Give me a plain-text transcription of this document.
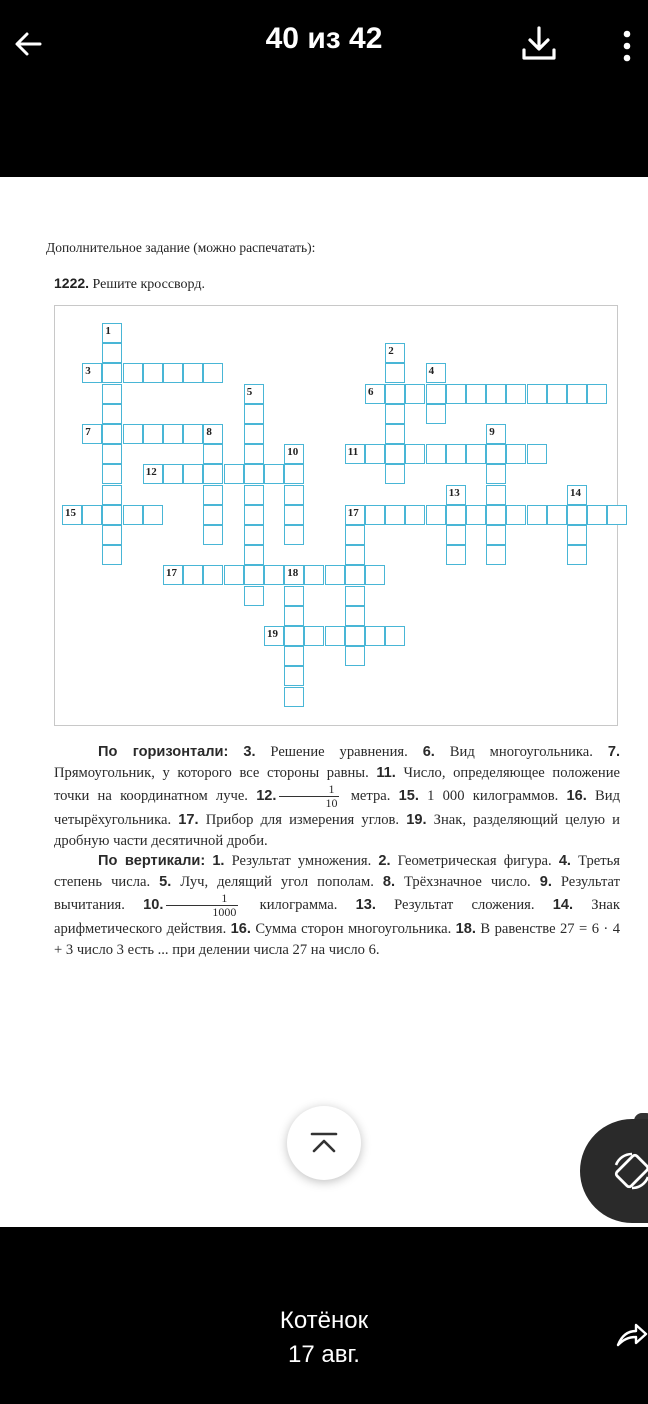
40 из 42
Дополнительное задание (можно распечатать):
1222. Решите кроссворд.

По горизонтали: 3. Решение уравнения. 6. Вид многоугольника. 7. Прямоугольник, у которого все стороны равны. 11. Число, определяющее положение точки на координатном луче. 12. $\frac{1}{10}$ метра. 15. 1 000 килограммов. 16. Вид четырёхугольника. 17. Прибор для измерения углов. 19. Знак, разделяющий целую и дробную части десятичной дроби.

По вертикали: 1. Результат умножения. 2. Геометрическая фигура. 4. Третья степень числа. 5. Луч, делящий угол пополам. 8. Трёхзначное число. 9. Результат вычитания. 10. $\frac{1}{1000}$ килограмма. 13. Результат сложения. 14. Знак арифметического действия. 16. Сумма сторон многоугольника. 18. В равенстве 27 = 6 · 4 + 3 число 3 есть ... при делении числа 27 на число 6.

1
2
3	4
5	6
7	8	9
10	11
12
13	14
15	17
17	18
19
Котёнок
17 авг.
